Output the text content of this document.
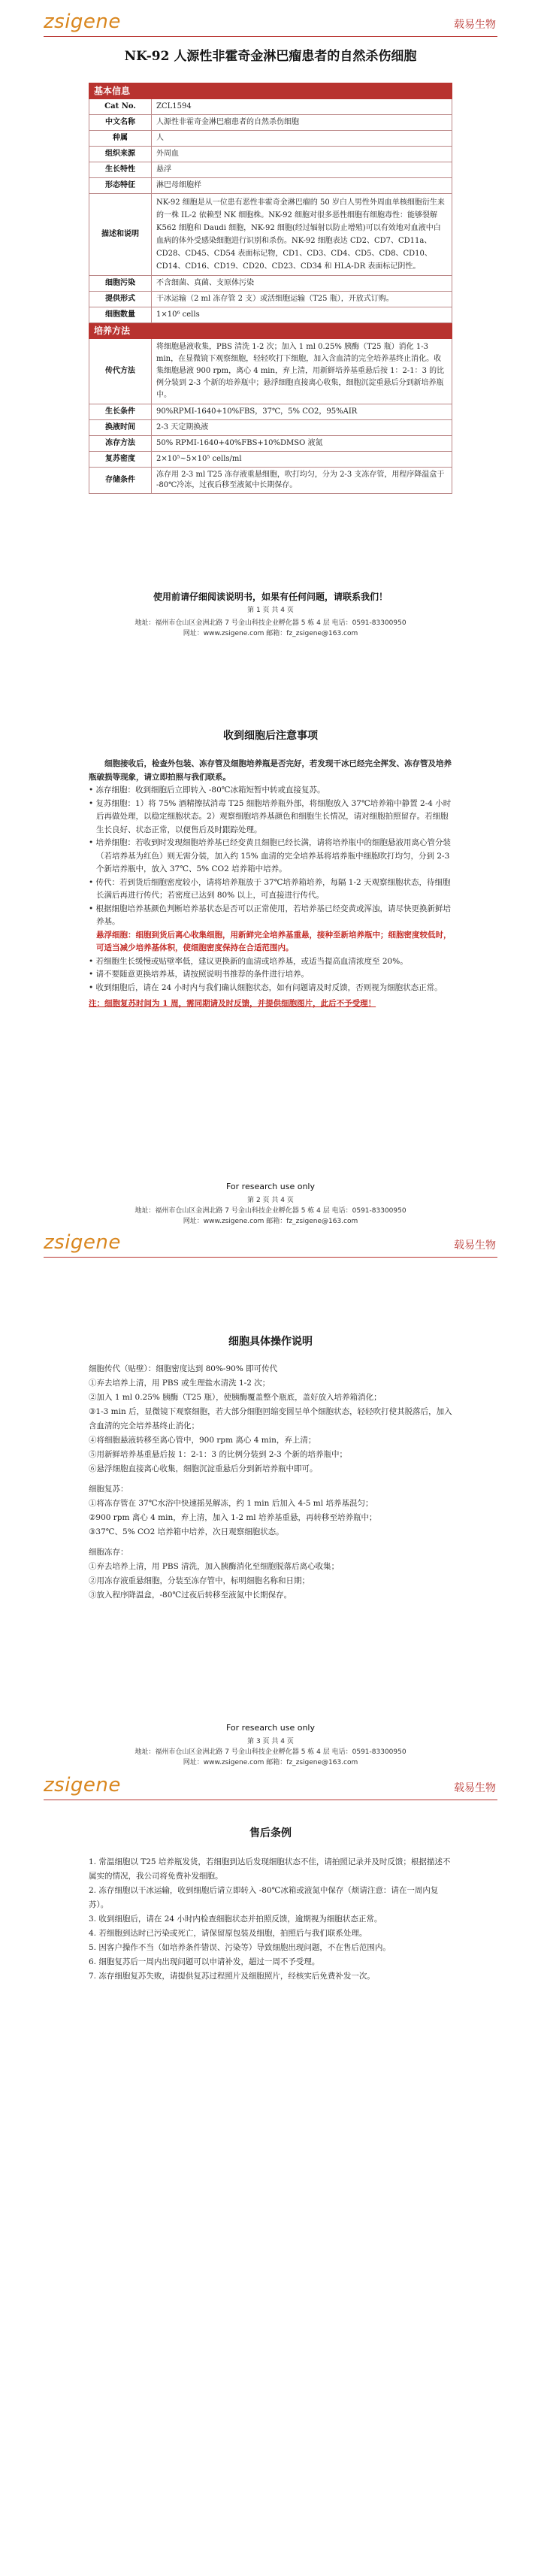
zsigene	载易生物
NK-92 人源性非霍奇金淋巴瘤患者的自然杀伤细胞
基本信息	
Cat No.	ZCL1594
中文名称	人源性非霍奇金淋巴瘤患者的自然杀伤细胞
种属	人
组织来源	外周血
生长特性	悬浮
形态特征	淋巴母细胞样
描述和说明	NK-92 细胞是从一位患有恶性非霍奇金淋巴瘤的 50 岁白人男性外周血单核细胞衍生来的一株 IL-2 依赖型 NK 细胞株。NK-92 细胞对很多恶性细胞有细胞毒性：能够裂解 K562 细胞和 Daudi 细胞，NK-92 细胞(经过辐射以防止增殖)可以有效地对血液中白血病的体外受感染细胞进行识别和杀伤。NK-92 细胞表达 CD2、CD7、CD11a、CD28、CD45、CD54 表面标记物，CD1、CD3、CD4、CD5、CD8、CD10、CD14、CD16、CD19、CD20、CD23、CD34 和 HLA-DR 表面标记阴性。
细胞污染	不含细菌、真菌、支原体污染
提供形式	干冰运输（2 ml 冻存管 2 支）或活细胞运输（T25 瓶），开放式订购。
细胞数量	1×10⁶ cells
培养方法	
传代方法	将细胞悬液收集，PBS 清洗 1-2 次；加入 1 ml 0.25% 胰酶（T25 瓶）消化 1-3 min，在显微镜下观察细胞，轻轻吹打下细胞，加入含血清的完全培养基终止消化。收集细胞悬液 900 rpm，离心 4 min，弃上清，用新鲜培养基重悬后按 1：2-1：3 的比例分装到 2-3 个新的培养瓶中；悬浮细胞直接离心收集，细胞沉淀重悬后分到新培养瓶中。
生长条件	90%RPMI-1640+10%FBS，37℃，5% CO2，95%AIR
换液时间	2-3 天定期换液
冻存方法	50% RPMI-1640+40%FBS+10%DMSO 液氮
复苏密度	2×10⁵~5×10⁵ cells/ml
存储条件	冻存用 2-3 ml T25 冻存液重悬细胞，吹打均匀，分为 2-3 支冻存管，用程序降温盒于 -80℃冷冻，过夜后移至液氮中长期保存。
使用前请仔细阅读说明书，如果有任何问题，请联系我们！
第 1 页 共 4 页
地址：福州市仓山区金洲北路 7 号金山科技企业孵化器 5 栋 4 层 电话：0591-83300950
网址：www.zsigene.com 邮箱：fz_zsigene@163.com
收到细胞后注意事项

细胞接收后，检查外包装、冻存管及细胞培养瓶是否完好，若发现干冰已经完全挥发、冻存管及培养瓶破损等现象，请立即拍照与我们联系。

• 冻存细胞：收到细胞后立即转入 -80℃冰箱短暂中转或直接复苏。

• 复苏细胞：1）将 75% 酒精擦拭消毒 T25 细胞培养瓶外部，将细胞放入 37℃培养箱中静置 2-4 小时后再做处理，以稳定细胞状态。2）观察细胞培养基颜色和细胞生长情况，请对细胞拍照留存。若细胞生长良好、状态正常，以便售后及时跟踪处理。

• 培养细胞：若收到时发现细胞培养基已经变黄且细胞已经长满，请将培养瓶中的细胞悬液用离心管分装（若培养基为红色）则无需分装，加入约 15% 血清的完全培养基将培养瓶中细胞吹打均匀，分到 2-3 个新培养瓶中，放入 37℃、5% CO2 培养箱中培养。

• 传代：若到货后细胞密度较小，请将培养瓶放于 37℃培养箱培养，每隔 1-2 天观察细胞状态，待细胞长满后再进行传代；若密度已达到 80% 以上，可直接进行传代。

• 根据细胞培养基颜色判断培养基状态是否可以正常使用，若培养基已经变黄或浑浊，请尽快更换新鲜培养基。

悬浮细胞：细胞到货后离心收集细胞，用新鲜完全培养基重悬，接种至新培养瓶中；细胞密度较低时，可适当减少培养基体积，使细胞密度保持在合适范围内。

• 若细胞生长缓慢或贴壁率低，建议更换新的血清或培养基，或适当提高血清浓度至 20%。

• 请不要随意更换培养基，请按照说明书推荐的条件进行培养。

• 收到细胞后，请在 24 小时内与我们确认细胞状态，如有问题请及时反馈，否则视为细胞状态正常。

注：细胞复苏时间为 1 周，需同期请及时反馈，并提供细胞图片，此后不予受理！

For research use only
第 2 页 共 4 页
地址：福州市仓山区金洲北路 7 号金山科技企业孵化器 5 栋 4 层 电话：0591-83300950
网址：www.zsigene.com 邮箱：fz_zsigene@163.com
zsigene	载易生物
细胞具体操作说明

细胞传代（贴壁）：细胞密度达到 80%-90% 即可传代

①弃去培养上清，用 PBS 或生理盐水清洗 1-2 次；

②加入 1 ml 0.25% 胰酶（T25 瓶），使胰酶覆盖整个瓶底，盖好放入培养箱消化；

③1-3 min 后，显微镜下观察细胞，若大部分细胞回缩变圆呈单个细胞状态，轻轻吹打使其脱落后，加入含血清的完全培养基终止消化；

④将细胞悬液转移至离心管中，900 rpm 离心 4 min，弃上清；

⑤用新鲜培养基重悬后按 1：2-1：3 的比例分装到 2-3 个新的培养瓶中；

⑥悬浮细胞直接离心收集，细胞沉淀重悬后分到新培养瓶中即可。

细胞复苏：

①将冻存管在 37℃水浴中快速摇晃解冻，约 1 min 后加入 4-5 ml 培养基混匀；

②900 rpm 离心 4 min，弃上清，加入 1-2 ml 培养基重悬，再转移至培养瓶中；

③37℃、5% CO2 培养箱中培养，次日观察细胞状态。

细胞冻存：

①弃去培养上清，用 PBS 清洗，加入胰酶消化至细胞脱落后离心收集；

②用冻存液重悬细胞，分装至冻存管中，标明细胞名称和日期；

③放入程序降温盒，-80℃过夜后转移至液氮中长期保存。

For research use only
第 3 页 共 4 页
地址：福州市仓山区金洲北路 7 号金山科技企业孵化器 5 栋 4 层 电话：0591-83300950
网址：www.zsigene.com 邮箱：fz_zsigene@163.com
zsigene	载易生物
售后条例

1. 常温细胞以 T25 培养瓶发货，若细胞到达后发现细胞状态不佳，请拍照记录并及时反馈；根据描述不属实的情况，我公司将免费补发细胞。

2. 冻存细胞以干冰运输，收到细胞后请立即转入 -80℃冰箱或液氮中保存（烦请注意：请在一周内复苏）。

3. 收到细胞后，请在 24 小时内检查细胞状态并拍照反馈，逾期视为细胞状态正常。

4. 若细胞到达时已污染或死亡，请保留原包装及细胞，拍照后与我们联系处理。

5. 因客户操作不当（如培养条件错误、污染等）导致细胞出现问题，不在售后范围内。

6. 细胞复苏后一周内出现问题可以申请补发，超过一周不予受理。

7. 冻存细胞复苏失败，请提供复苏过程照片及细胞照片，经核实后免费补发一次。
